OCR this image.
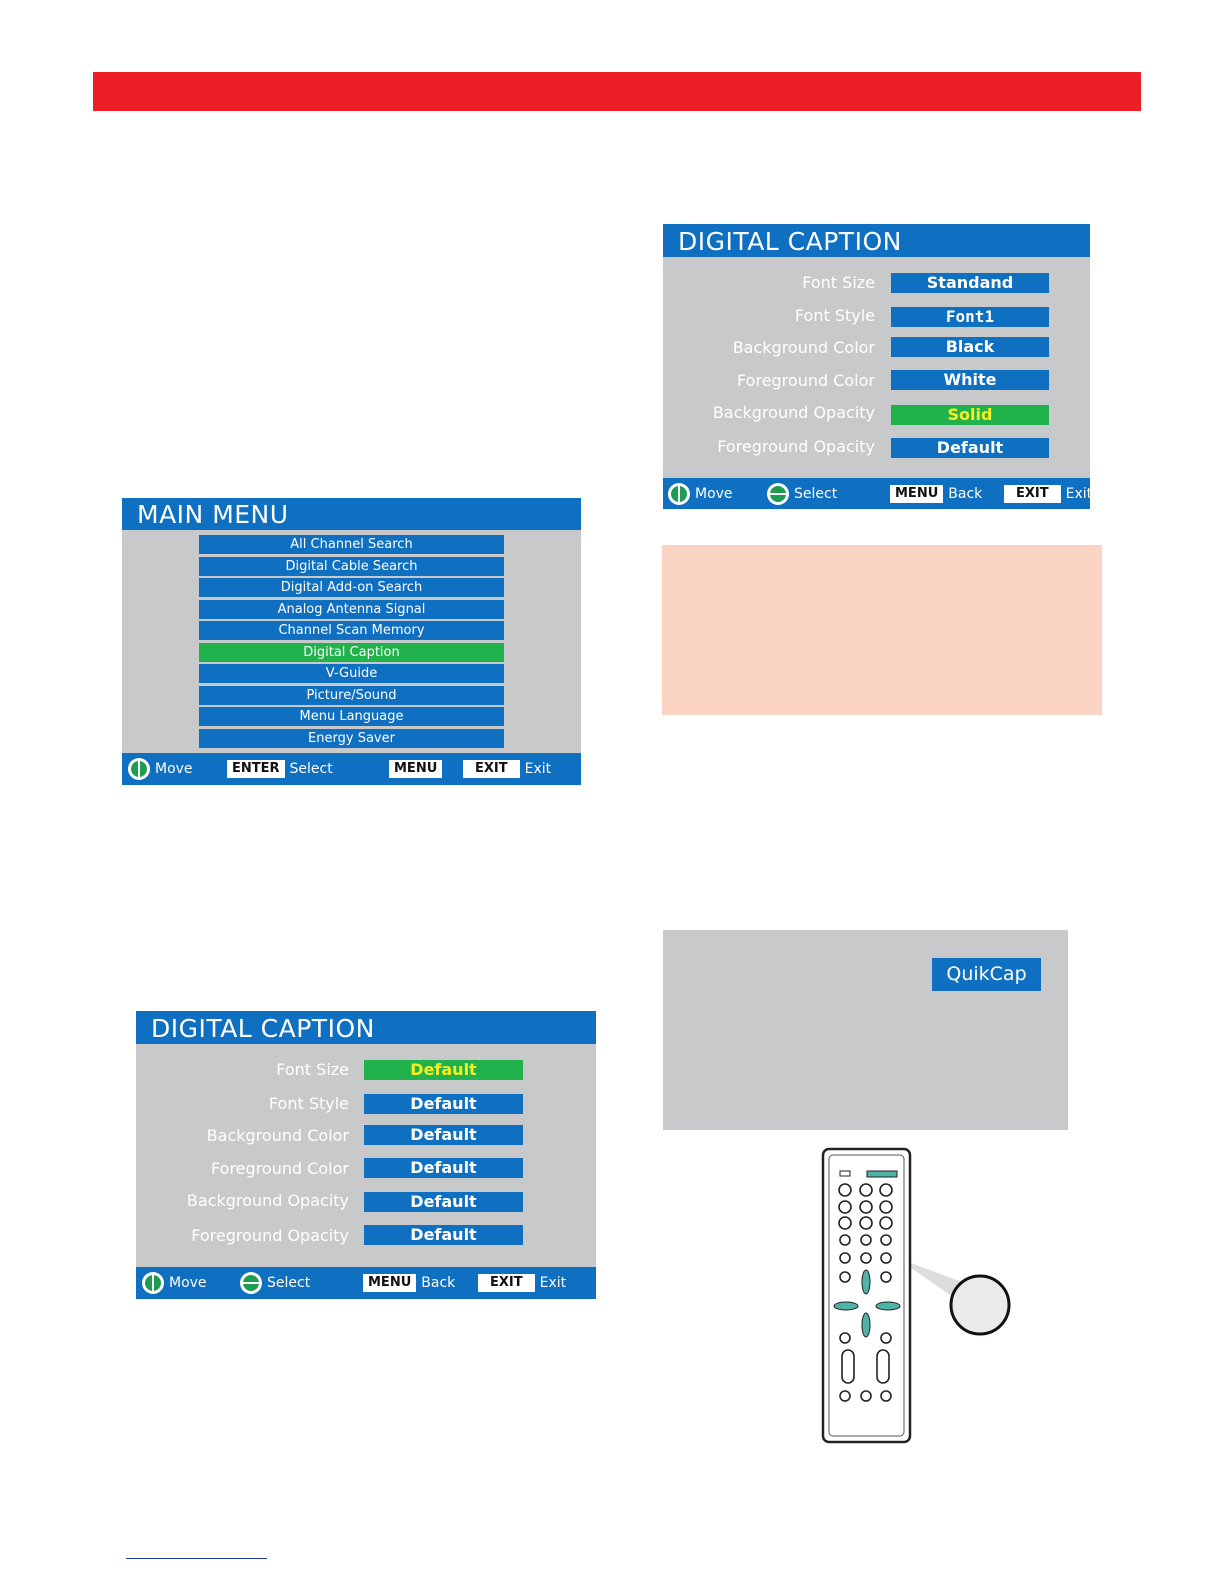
MAIN MENU
Move	ENTER Select	MENU	EXIT	Exit
All Channel Search
Digital Cable Search
Digital Add-on Search
Analog Antenna Signal
Channel Scan Memory
Digital Caption
V-Guide
Picture/Sound
Menu Language
Energy Saver
DIGITAL CAPTION
Font Size	Default
Font Style	Default
Background Color	Default
Foreground Color	Default
Background Opacity	Default
Foreground Opacity	Default
Move	Select	MENU Back	EXIT	Exit
DIGITAL CAPTION
Font Size	Standand
Font Style	Font1
Background Color	Black
Foreground Color	White
Background Opacity	Solid
Foreground Opacity	Default
Move	Select	MENU Back	EXIT	Exit
QuikCap
